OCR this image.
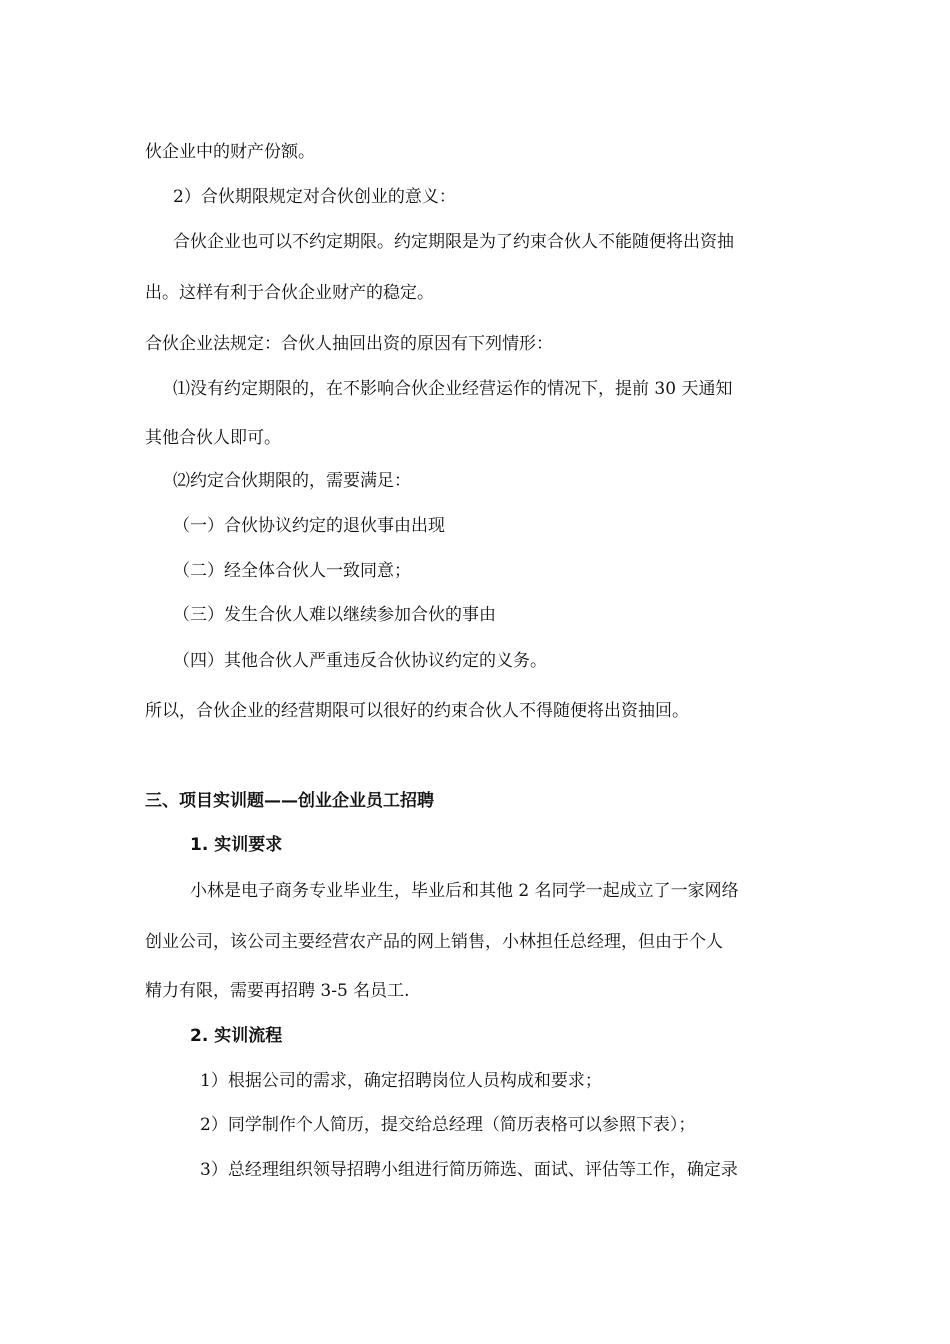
伙企业中的财产份额。
2）合伙期限规定对合伙创业的意义：
合伙企业也可以不约定期限。约定期限是为了约束合伙人不能随便将出资抽
出。这样有利于合伙企业财产的稳定。
合伙企业法规定：合伙人抽回出资的原因有下列情形：
⑴没有约定期限的，在不影响合伙企业经营运作的情况下，提前 30 天通知
其他合伙人即可。
⑵约定合伙期限的，需要满足：
（一）合伙协议约定的退伙事由出现
（二）经全体合伙人一致同意；
（三）发生合伙人难以继续参加合伙的事由
（四）其他合伙人严重违反合伙协议约定的义务。
所以，合伙企业的经营期限可以很好的约束合伙人不得随便将出资抽回。
三、项目实训题——创业企业员工招聘
1. 实训要求
小林是电子商务专业毕业生，毕业后和其他 2 名同学一起成立了一家网络
创业公司，该公司主要经营农产品的网上销售，小林担任总经理，但由于个人
精力有限，需要再招聘 3-5 名员工.
2. 实训流程
1）根据公司的需求，确定招聘岗位人员构成和要求；
2）同学制作个人简历，提交给总经理（简历表格可以参照下表）；
3）总经理组织领导招聘小组进行简历筛选、面试、评估等工作，确定录
